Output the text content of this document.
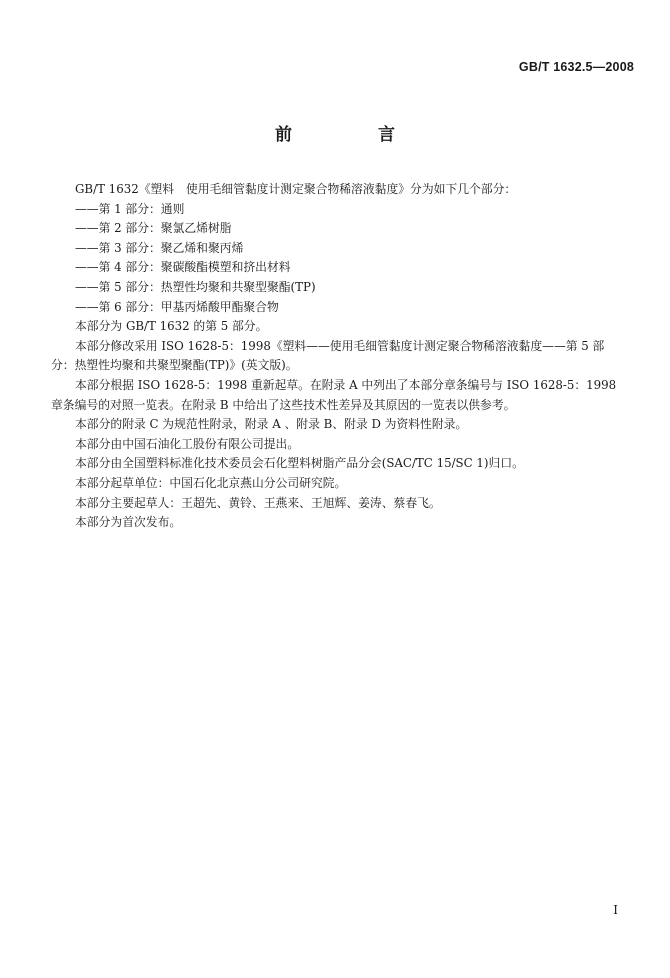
GB/T 1632.5—2008
前 言

GB/T 1632《塑料　使用毛细管黏度计测定聚合物稀溶液黏度》分为如下几个部分：

——第 1 部分：通则

——第 2 部分：聚氯乙烯树脂

——第 3 部分：聚乙烯和聚丙烯

——第 4 部分：聚碳酸酯模塑和挤出材料

——第 5 部分：热塑性均聚和共聚型聚酯(TP)

——第 6 部分：甲基丙烯酸甲酯聚合物

本部分为 GB/T 1632 的第 5 部分。

本部分修改采用 ISO 1628-5：1998《塑料——使用毛细管黏度计测定聚合物稀溶液黏度——第 5 部

分：热塑性均聚和共聚型聚酯(TP)》(英文版)。

本部分根据 ISO 1628-5：1998 重新起草。在附录 A 中列出了本部分章条编号与 ISO 1628-5：1998

章条编号的对照一览表。在附录 B 中给出了这些技术性差异及其原因的一览表以供参考。

本部分的附录 C 为规范性附录，附录 A 、附录 B、附录 D 为资料性附录。

本部分由中国石油化工股份有限公司提出。

本部分由全国塑料标准化技术委员会石化塑料树脂产品分会(SAC/TC 15/SC 1)归口。

本部分起草单位：中国石化北京燕山分公司研究院。

本部分主要起草人：王超先、黄铃、王燕来、王旭辉、姜涛、蔡春飞。

本部分为首次发布。

I
